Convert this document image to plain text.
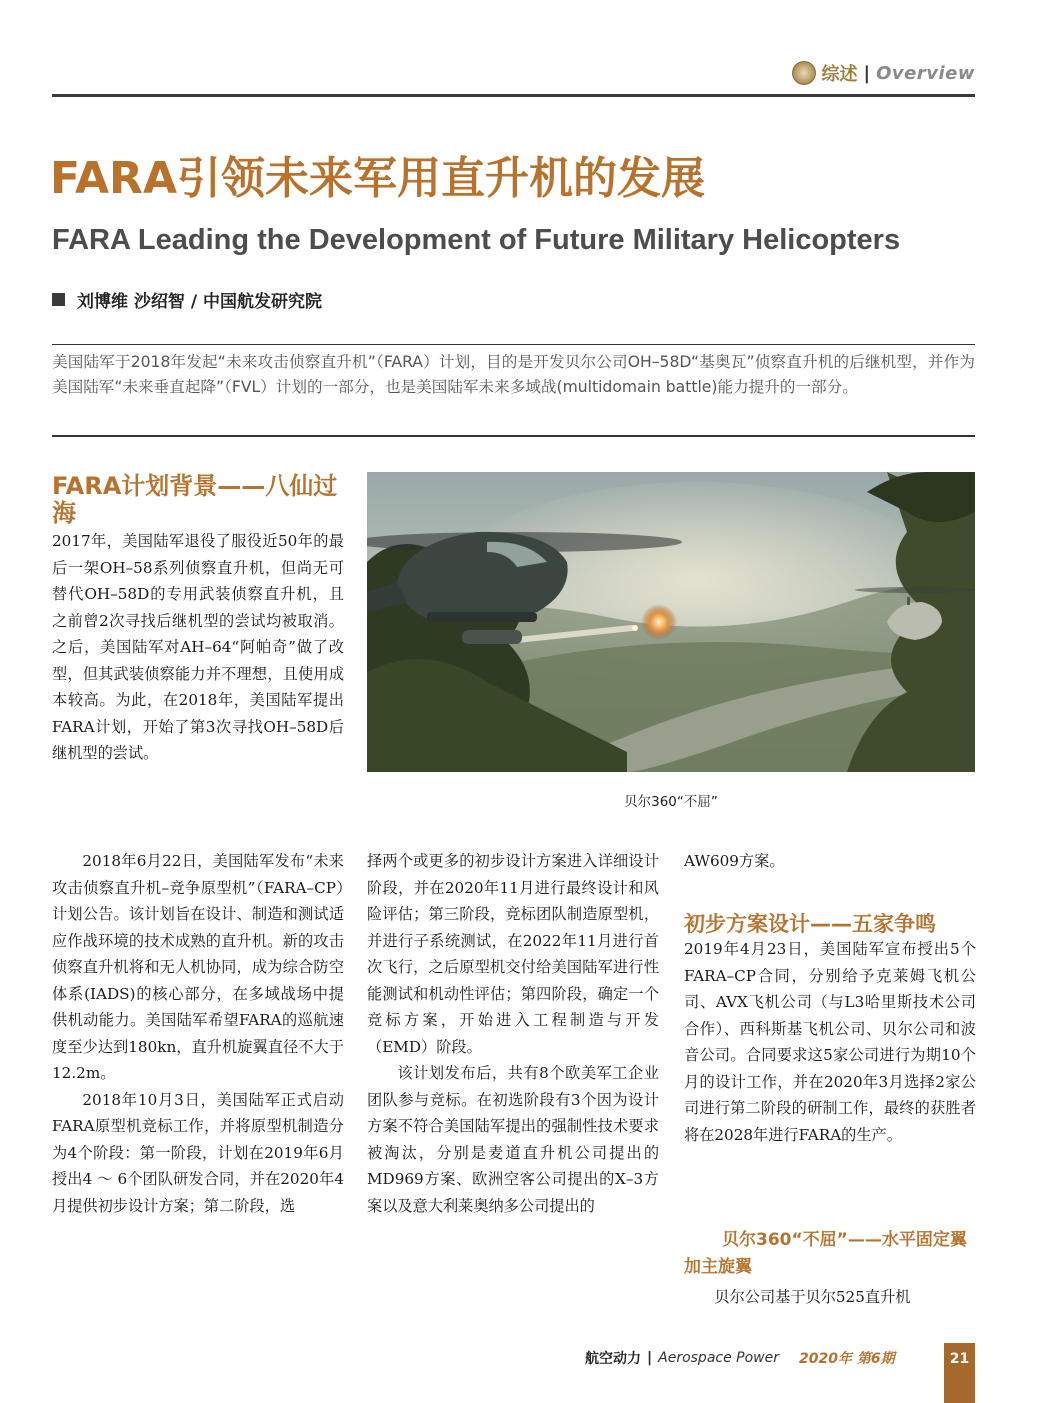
综述 | Overview
FARA引领未来军用直升机的发展
FARA Leading the Development of Future Military Helicopters
刘博维 沙绍智 / 中国航发研究院
美国陆军于2018年发起“未来攻击侦察直升机”（FARA）计划，目的是开发贝尔公司OH–58D“基奥瓦”侦察直升机的后继机型，并作为美国陆军“未来垂直起降”（FVL）计划的一部分，也是美国陆军未来多域战(multidomain battle)能力提升的一部分。
FARA计划背景——八仙过海

2017年，美国陆军退役了服役近50年的最后一架OH–58系列侦察直升机，但尚无可替代OH–58D的专用武装侦察直升机，且之前曾2次寻找后继机型的尝试均被取消。之后，美国陆军对AH–64“阿帕奇”做了改型，但其武装侦察能力并不理想，且使用成本较高。为此，在2018年，美国陆军提出FARA计划，开始了第3次寻找OH–58D后继机型的尝试。

2018年6月22日，美国陆军发布“未来攻击侦察直升机–竞争原型机”（FARA–CP）计划公告。该计划旨在设计、制造和测试适应作战环境的技术成熟的直升机。新的攻击侦察直升机将和无人机协同，成为综合防空体系(IADS)的核心部分，在多域战场中提供机动能力。美国陆军希望FARA的巡航速度至少达到180kn，直升机旋翼直径不大于12.2m。

2018年10月3日，美国陆军正式启动FARA原型机竞标工作，并将原型机制造分为4个阶段：第一阶段，计划在2019年6月授出4 ～ 6个团队研发合同，并在2020年4月提供初步设计方案；第二阶段，选

贝尔360“不屈”

择两个或更多的初步设计方案进入详细设计阶段，并在2020年11月进行最终设计和风险评估；第三阶段，竞标团队制造原型机，并进行子系统测试，在2022年11月进行首次飞行，之后原型机交付给美国陆军进行性能测试和机动性评估；第四阶段，确定一个竞标方案，开始进入工程制造与开发（EMD）阶段。

该计划发布后，共有8个欧美军工企业团队参与竞标。在初选阶段有3个因为设计方案不符合美国陆军提出的强制性技术要求被淘汰，分别是麦道直升机公司提出的MD969方案、欧洲空客公司提出的X–3方案以及意大利莱奥纳多公司提出的

AW609方案。

初步方案设计——五家争鸣

2019年4月23日，美国陆军宣布授出5个FARA–CP合同，分别给予克莱姆飞机公司、AVX飞机公司（与L3哈里斯技术公司合作）、西科斯基飞机公司、贝尔公司和波音公司。合同要求这5家公司进行为期10个月的设计工作，并在2020年3月选择2家公司进行第二阶段的研制工作，最终的获胜者将在2028年进行FARA的生产。

贝尔360“不屈”——水平固定翼加主旋翼

贝尔公司基于贝尔525直升机

航空动力 | Aerospace Power 2020年 第6期	21
